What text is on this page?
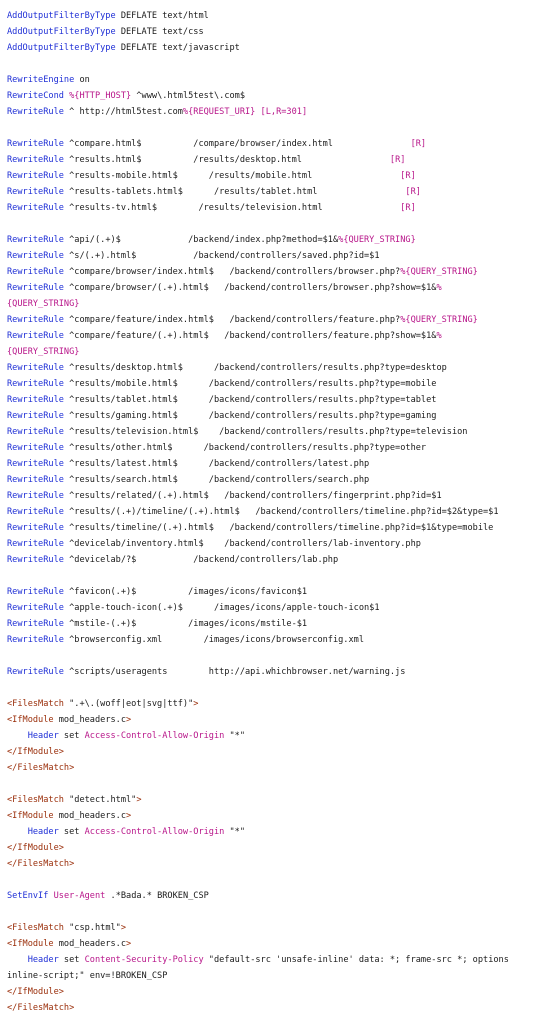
AddOutputFilterByType DEFLATE text/html
AddOutputFilterByType DEFLATE text/css
AddOutputFilterByType DEFLATE text/javascript
RewriteEngine on
RewriteCond %{HTTP_HOST} ^www\.html5test\.com$
RewriteRule ^ http://html5test.com%{REQUEST_URI} [L,R=301]
RewriteRule ^compare.html$          /compare/browser/index.html               [R]
RewriteRule ^results.html$          /results/desktop.html                 [R]
RewriteRule ^results-mobile.html$      /results/mobile.html                 [R]
RewriteRule ^results-tablets.html$      /results/tablet.html                 [R]
RewriteRule ^results-tv.html$        /results/television.html               [R]
RewriteRule ^api/(.+)$             /backend/index.php?method=$1&%{QUERY_STRING}
RewriteRule ^s/(.+).html$           /backend/controllers/saved.php?id=$1
RewriteRule ^compare/browser/index.html$   /backend/controllers/browser.php?%{QUERY_STRING}
RewriteRule ^compare/browser/(.+).html$   /backend/controllers/browser.php?show=$1&%
{QUERY_STRING}
RewriteRule ^compare/feature/index.html$   /backend/controllers/feature.php?%{QUERY_STRING}
RewriteRule ^compare/feature/(.+).html$   /backend/controllers/feature.php?show=$1&%
{QUERY_STRING}
RewriteRule ^results/desktop.html$      /backend/controllers/results.php?type=desktop
RewriteRule ^results/mobile.html$      /backend/controllers/results.php?type=mobile
RewriteRule ^results/tablet.html$      /backend/controllers/results.php?type=tablet
RewriteRule ^results/gaming.html$      /backend/controllers/results.php?type=gaming
RewriteRule ^results/television.html$    /backend/controllers/results.php?type=television
RewriteRule ^results/other.html$      /backend/controllers/results.php?type=other
RewriteRule ^results/latest.html$      /backend/controllers/latest.php
RewriteRule ^results/search.html$      /backend/controllers/search.php
RewriteRule ^results/related/(.+).html$   /backend/controllers/fingerprint.php?id=$1
RewriteRule ^results/(.+)/timeline/(.+).html$   /backend/controllers/timeline.php?id=$2&type=$1
RewriteRule ^results/timeline/(.+).html$   /backend/controllers/timeline.php?id=$1&type=mobile
RewriteRule ^devicelab/inventory.html$    /backend/controllers/lab-inventory.php
RewriteRule ^devicelab/?$           /backend/controllers/lab.php
RewriteRule ^favicon(.+)$          /images/icons/favicon$1
RewriteRule ^apple-touch-icon(.+)$      /images/icons/apple-touch-icon$1
RewriteRule ^mstile-(.+)$          /images/icons/mstile-$1
RewriteRule ^browserconfig.xml        /images/icons/browserconfig.xml
RewriteRule ^scripts/useragents        http://api.whichbrowser.net/warning.js
<FilesMatch ".+\.(woff|eot|svg|ttf)">
<IfModule mod_headers.c>
Header set Access-Control-Allow-Origin "*"
</IfModule>
</FilesMatch>
<FilesMatch "detect.html">
<IfModule mod_headers.c>
Header set Access-Control-Allow-Origin "*"
</IfModule>
</FilesMatch>
SetEnvIf User-Agent .*Bada.* BROKEN_CSP
<FilesMatch "csp.html">
<IfModule mod_headers.c>
Header set Content-Security-Policy "default-src 'unsafe-inline' data: *; frame-src *; options
inline-script;" env=!BROKEN_CSP
</IfModule>
</FilesMatch>
